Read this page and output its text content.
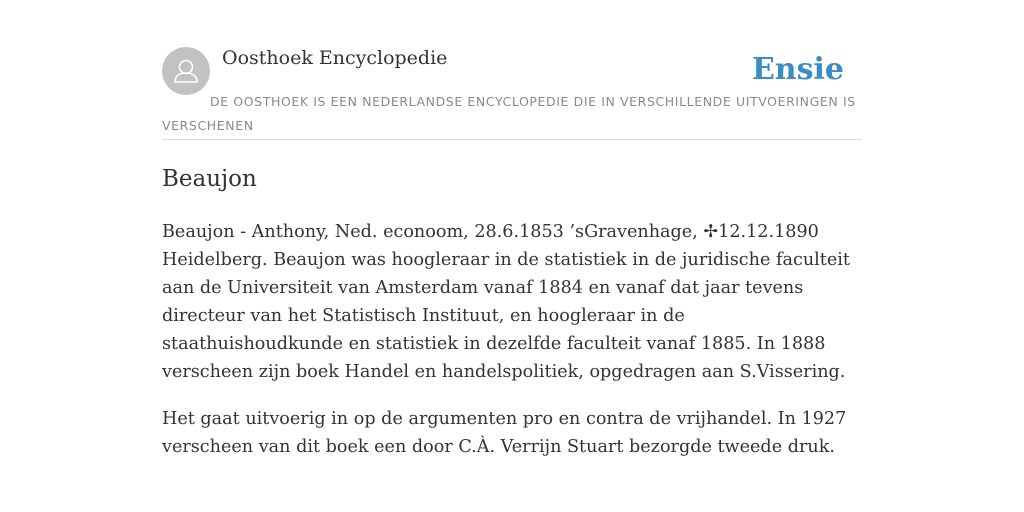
Oosthoek Encyclopedie	Ensie
DE OOSTHOEK IS EEN NEDERLANDSE ENCYCLOPEDIE DIE IN VERSCHILLENDE UITVOERINGEN IS VERSCHENEN
Beaujon

Beaujon - Anthony, Ned. econoom, 28.6.1853 ’sGravenhage, ✢12.12.1890 Heidelberg. Beaujon was hoogleraar in de statistiek in de juridische faculteit aan de Universiteit van Amsterdam vanaf 1884 en vanaf dat jaar tevens directeur van het Statistisch Instituut, en hoogleraar in de staathuishoudkunde en statistiek in dezelfde faculteit vanaf 1885. In 1888 verscheen zijn boek Handel en handelspolitiek, opgedragen aan S.Vissering.

Het gaat uitvoerig in op de argumenten pro en contra de vrijhandel. In 1927 verscheen van dit boek een door C.À. Verrijn Stuart bezorgde tweede druk.
